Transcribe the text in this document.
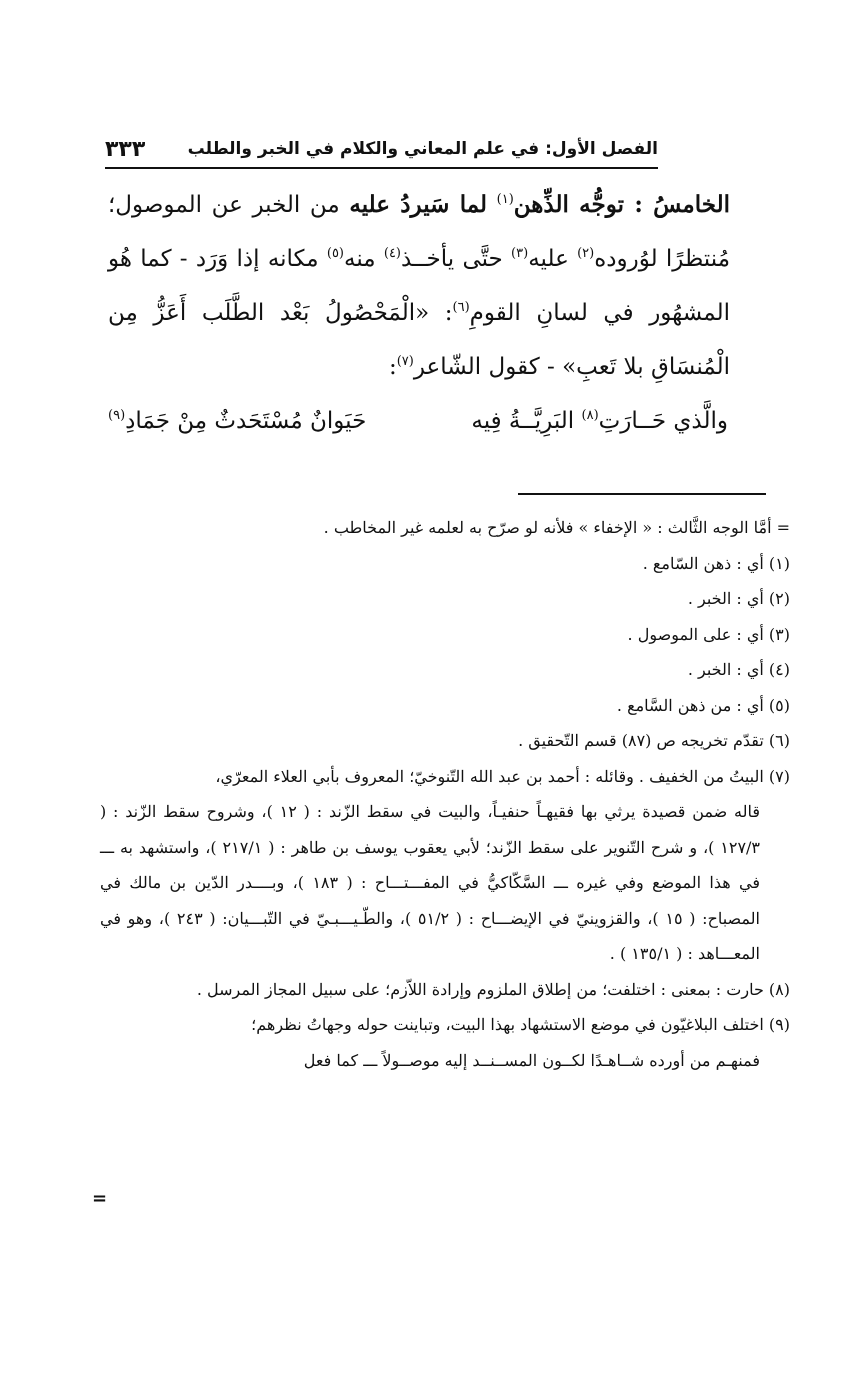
الفصل الأول: في علم المعاني والكلام في الخبر والطلب
٣٣٣

الخامسُ : توجُّه الذِّهن$^{(١)}$ لما سَيردُ عليه من الخبر عن الموصول؛ مُنتظرًا لوُروده$^{(٢)}$ عليه$^{(٣)}$ حتَّى يأخــذ$^{(٤)}$ منه$^{(٥)}$ مكانه إذا وَرَد - كما هُو المشهُور في لسانِ القومِ$^{(٦)}$: «الْمَحْصُولُ بَعْد الطَّلَب أَعَزُّ مِن الْمُنسَاقِ بلا تَعبِ» - كقول الشّاعر$^{(٧)}$:

والَّذي حَــارَتِ$^{(٨)}$ البَرِيَّــةُ فِيه
حَيَوانٌ مُسْتَحَدثٌ مِنْ جَمَادِ$^{(٩)}$

= أمَّا الوجه الثَّالث : « الإخفاء » فلأنه لو صرّح به لعلمه غير المخاطب .

(١) أي : ذهن السّامع .

(٢) أي : الخبر .

(٣) أي : على الموصول .

(٤) أي : الخبر .

(٥) أي : من ذهن السَّامع .

(٦) تقدّم تخريجه ص (٨٧) قسم التّحقيق .

(٧) البيتُ من الخفيف . وقائله : أحمد بن عبد الله التّنوخيّ؛ المعروف بأبي العلاء المعرّي،

قاله ضمن قصيدة يرثي بها فقيهـاً حنفيـاً، والبيت في سقط الزّند : ( ١٢ )، وشروح سقط الزّند : ( ١٢٧/٣ )، و شرح التّنوير على سقط الزّند؛ لأبي يعقوب يوسف بن طاهر : ( ٢١٧/١ )، واستشهد به ـــ في هذا الموضع وفي غيره ـــ السَّكّاكيُّ في المفـــتـــاح : ( ١٨٣ )، وبــــدر الدّين بن مالك في المصباح: ( ١٥ )، والقزوينيّ في الإيضـــاح : ( ٥١/٢ )، والطّـيـــبـيّ في التّبـــيان: ( ٢٤٣ )، وهو في المعـــاهد : ( ١٣٥/١ ) .

(٨) حارت : بمعنى : اختلفت؛ من إطلاق الملزوم وإرادة اللاّزم؛ على سبيل المجاز المرسل .

(٩) اختلف البلاغيّون في موضع الاستشهاد بهذا البيت، وتباينت حوله وجهاتُ نظرهم؛

فمنهـم من أورده شــاهـدًا لكــون المســنــد إليه موصــولاً ـــ كما فعل

=
